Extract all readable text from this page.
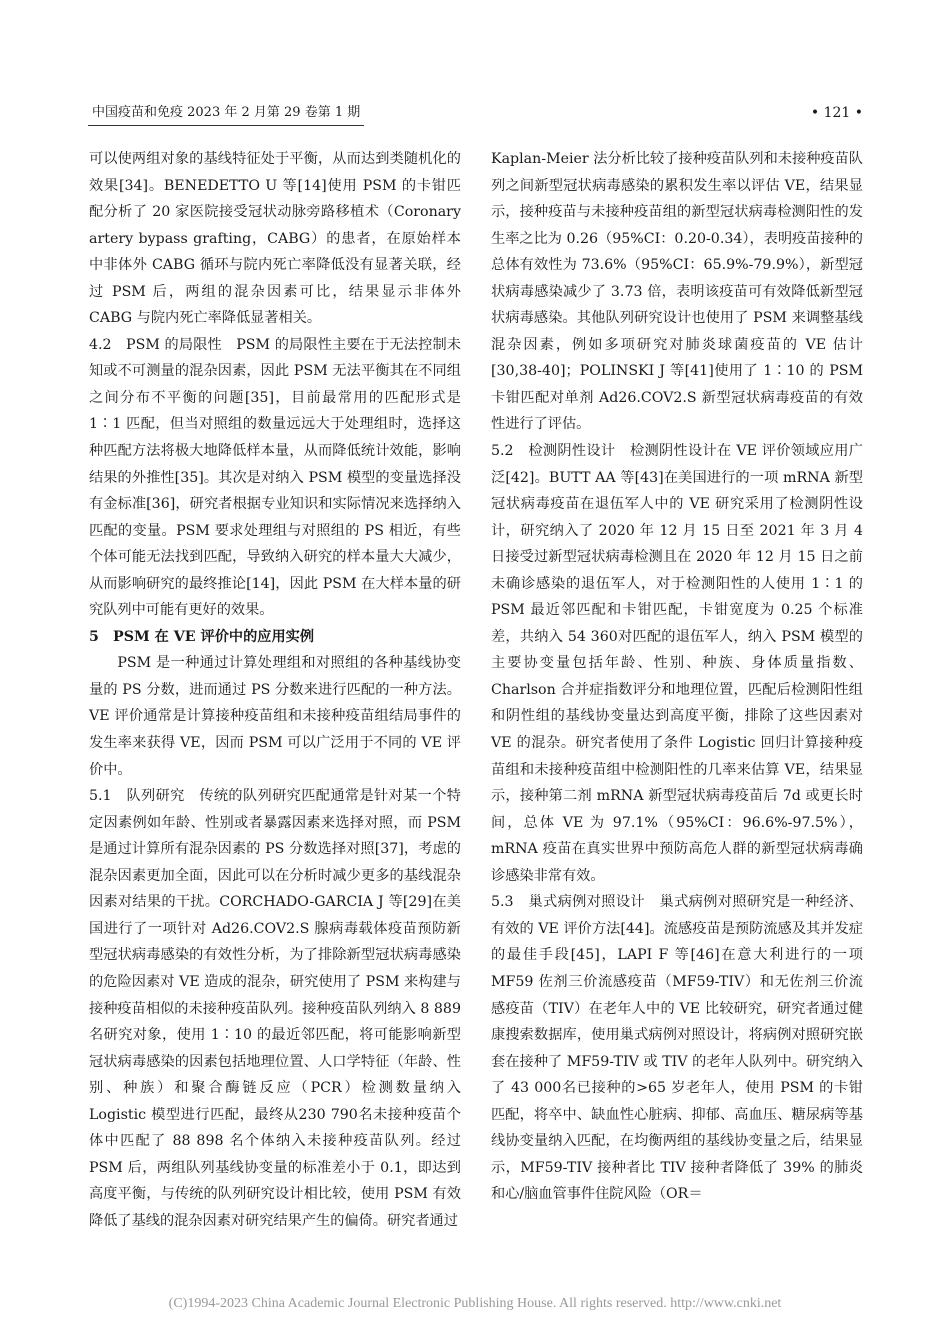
中国疫苗和免疫 2023 年 2 月第 29 卷第 1 期	• 121 •

可以使两组对象的基线特征处于平衡，从而达到类随机化的效果[34]。BENEDETTO U 等[14]使用 PSM 的卡钳匹配分析了 20 家医院接受冠状动脉旁路移植术（Coronary artery bypass grafting，CABG）的患者，在原始样本中非体外 CABG 循环与院内死亡率降低没有显著关联，经过 PSM 后，两组的混杂因素可比，结果显示非体外 CABG 与院内死亡率降低显著相关。

4.2　PSM 的局限性　PSM 的局限性主要在于无法控制未知或不可测量的混杂因素，因此 PSM 无法平衡其在不同组之间分布不平衡的问题[35]，目前最常用的匹配形式是 1∶1 匹配，但当对照组的数量远远大于处理组时，选择这种匹配方法将极大地降低样本量，从而降低统计效能，影响结果的外推性[35]。其次是对纳入 PSM 模型的变量选择没有金标准[36]，研究者根据专业知识和实际情况来选择纳入匹配的变量。PSM 要求处理组与对照组的 PS 相近，有些个体可能无法找到匹配，导致纳入研究的样本量大大减少，从而影响研究的最终推论[14]，因此 PSM 在大样本量的研究队列中可能有更好的效果。

5　PSM 在 VE 评价中的应用实例

PSM 是一种通过计算处理组和对照组的各种基线协变量的 PS 分数，进而通过 PS 分数来进行匹配的一种方法。VE 评价通常是计算接种疫苗组和未接种疫苗组结局事件的发生率来获得 VE，因而 PSM 可以广泛用于不同的 VE 评价中。

5.1　队列研究　传统的队列研究匹配通常是针对某一个特定因素例如年龄、性别或者暴露因素来选择对照，而 PSM 是通过计算所有混杂因素的 PS 分数选择对照[37]，考虑的混杂因素更加全面，因此可以在分析时减少更多的基线混杂因素对结果的干扰。CORCHADO-GARCIA J 等[29]在美国进行了一项针对 Ad26.COV2.S 腺病毒载体疫苗预防新型冠状病毒感染的有效性分析，为了排除新型冠状病毒感染的危险因素对 VE 造成的混杂，研究使用了 PSM 来构建与接种疫苗相似的未接种疫苗队列。接种疫苗队列纳入 8 889 名研究对象，使用 1∶10 的最近邻匹配，将可能影响新型冠状病毒感染的因素包括地理位置、人口学特征（年龄、性别、种族）和聚合酶链反应（PCR）检测数量纳入 Logistic 模型进行匹配，最终从230 790名未接种疫苗个体中匹配了 88 898 名个体纳入未接种疫苗队列。经过 PSM 后，两组队列基线协变量的标准差小于 0.1，即达到高度平衡，与传统的队列研究设计相比较，使用 PSM 有效降低了基线的混杂因素对研究结果产生的偏倚。研究者通过

Kaplan-Meier 法分析比较了接种疫苗队列和未接种疫苗队列之间新型冠状病毒感染的累积发生率以评估 VE，结果显示，接种疫苗与未接种疫苗组的新型冠状病毒检测阳性的发生率之比为 0.26（95%CI：0.20-0.34），表明疫苗接种的总体有效性为 73.6%（95%CI：65.9%-79.9%），新型冠状病毒感染减少了 3.73 倍，表明该疫苗可有效降低新型冠状病毒感染。其他队列研究设计也使用了 PSM 来调整基线混杂因素，例如多项研究对肺炎球菌疫苗的 VE 估计[30,38-40]；POLINSKI J 等[41]使用了 1∶10 的 PSM 卡钳匹配对单剂 Ad26.COV2.S 新型冠状病毒疫苗的有效性进行了评估。

5.2　检测阴性设计　检测阴性设计在 VE 评价领域应用广泛[42]。BUTT AA 等[43]在美国进行的一项 mRNA 新型冠状病毒疫苗在退伍军人中的 VE 研究采用了检测阴性设计，研究纳入了 2020 年 12 月 15 日至 2021 年 3 月 4 日接受过新型冠状病毒检测且在 2020 年 12 月 15 日之前未确诊感染的退伍军人，对于检测阳性的人使用 1∶1 的 PSM 最近邻匹配和卡钳匹配，卡钳宽度为 0.25 个标准差，共纳入 54 360对匹配的退伍军人，纳入 PSM 模型的主要协变量包括年龄、性别、种族、身体质量指数、Charlson 合并症指数评分和地理位置，匹配后检测阳性组和阴性组的基线协变量达到高度平衡，排除了这些因素对 VE 的混杂。研究者使用了条件 Logistic 回归计算接种疫苗组和未接种疫苗组中检测阳性的几率来估算 VE，结果显示，接种第二剂 mRNA 新型冠状病毒疫苗后 7d 或更长时间，总体 VE 为 97.1%（95%CI：96.6%-97.5%），mRNA 疫苗在真实世界中预防高危人群的新型冠状病毒确诊感染非常有效。

5.3　巢式病例对照设计　巢式病例对照研究是一种经济、有效的 VE 评价方法[44]。流感疫苗是预防流感及其并发症的最佳手段[45]，LAPI F 等[46]在意大利进行的一项 MF59 佐剂三价流感疫苗（MF59-TIV）和无佐剂三价流感疫苗（TIV）在老年人中的 VE 比较研究，研究者通过健康搜索数据库，使用巢式病例对照设计，将病例对照研究嵌套在接种了 MF59-TIV 或 TIV 的老年人队列中。研究纳入了 43 000名已接种的>65 岁老年人，使用 PSM 的卡钳匹配，将卒中、缺血性心脏病、抑郁、高血压、糖尿病等基线协变量纳入匹配，在均衡两组的基线协变量之后，结果显示，MF59-TIV 接种者比 TIV 接种者降低了 39% 的肺炎和心/脑血管事件住院风险（OR＝

(C)1994-2023 China Academic Journal Electronic Publishing House. All rights reserved. http://www.cnki.net
